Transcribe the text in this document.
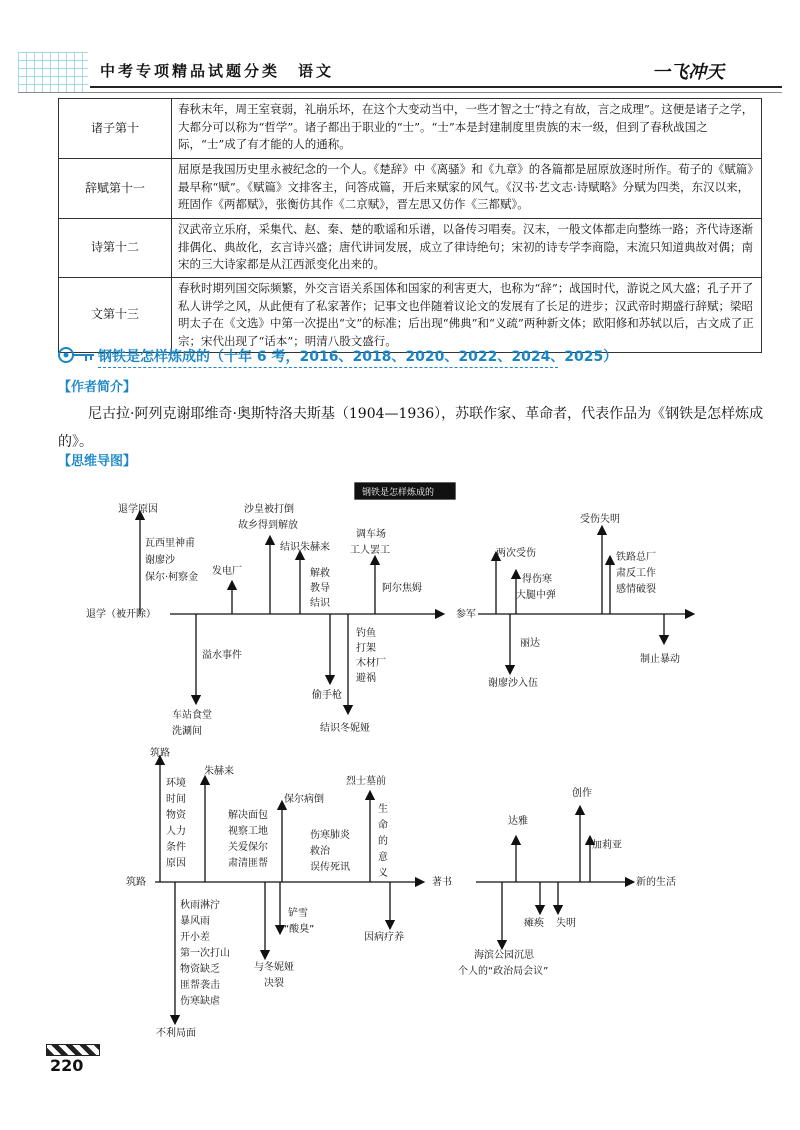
中考专项精品试题分类　语文	一飞冲天
诸子第十	春秋末年，周王室衰弱，礼崩乐坏，在这个大变动当中，一些才智之士“持之有故，言之成理”。这便是诸子之学，大都分可以称为“哲学”。诸子都出于职业的“士”。“士”本是封建制度里贵族的末一级，但到了春秋战国之际，“士”成了有才能的人的通称。
辞赋第十一	屈原是我国历史里永被纪念的一个人。《楚辞》中《离骚》和《九章》的各篇都是屈原放逐时所作。荀子的《赋篇》最早称“赋”。《赋篇》文排客主，问答成篇，开后来赋家的风气。《汉书·艺文志·诗赋略》分赋为四类，东汉以来，班固作《两都赋》，张衡仿其作《二京赋》，晋左思又仿作《三都赋》。
诗第十二	汉武帝立乐府，采集代、赵、秦、楚的歌谣和乐谱，以备传习唱奏。汉末，一般文体都走向整练一路；齐代诗逐渐排偶化、典故化，玄言诗兴盛；唐代讲词发展，成立了律诗绝句；宋初的诗专学李商隐，末流只知道典故对偶；南宋的三大诗家都是从江西派变化出来的。
文第十三	春秋时期列国交际频繁，外交言语关系国体和国家的利害更大，也称为“辞”；战国时代，游说之风大盛；孔子开了私人讲学之风，从此便有了私家著作；记事文也伴随着议论文的发展有了长足的进步；汉武帝时期盛行辞赋；梁昭明太子在《文选》中第一次提出“文”的标准；后出现“佛典”和“义疏”两种新文体；欧阳修和苏轼以后，古文成了正宗；宋代出现了“话本”；明清八股文盛行。
钢铁是怎样炼成的（十年 6 考，2016、2018、2020、2022、2024、2025）
【作者简介】
尼古拉·阿列克谢耶维奇·奥斯特洛夫斯基（1904—1936），苏联作家、革命者，代表作品为《钢铁是怎样炼成的》。
【思维导图】
钢铁是怎样炼成的
退学（被开除）
退学原因
瓦西里神甫
谢廖沙
保尔·柯察金
发电厂
沙皇被打倒
故乡得到解放
结识朱赫来
解救
教导
结识
调车场
工人罢工
阿尔焦姆
溢水事件
车站食堂
洗涮间
偷手枪
钓鱼
打架
木材厂
避祸
结识冬妮娅
参军
受伤失明
两次受伤
得伤寒
大腿中弹
铁路总厂
肃反工作
感情破裂
丽达
制止暴动
谢廖沙入伍
筑路
筑路
环境
时间
物资
人力
条件
原因
朱赫来
解决面包
视察工地
关爱保尔
肃清匪帮
保尔病倒
伤寒肺炎
救治
误传死讯
烈士墓前
生
命
的
意
义
著书
秋雨淋泞
暴风雨
开小差
第一次打山
物资缺乏
匪帮袭击
伤寒缺虐
不利局面
铲雪
“酸臭”
与冬妮娅
决裂
因病疗养
创作
达雅
加莉亚
新的生活
瘫痪 失明
海滨公园沉思
个人的“政治局会议”
220
